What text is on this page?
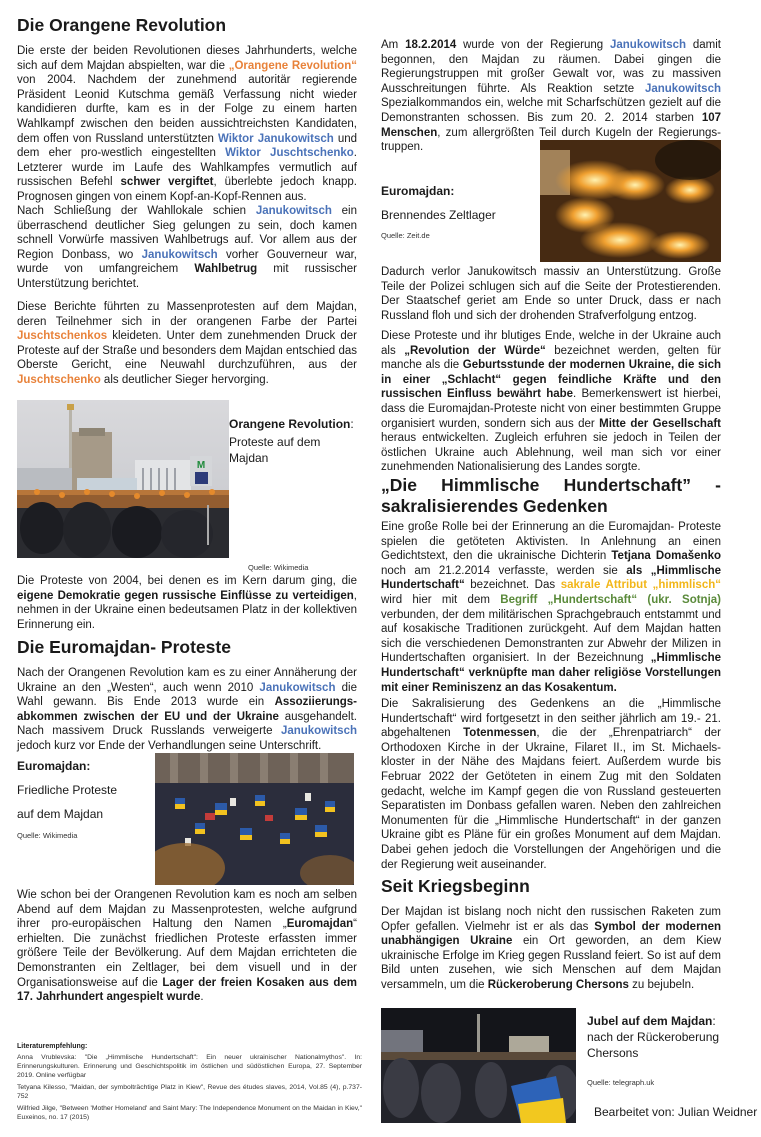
Die Orangene Revolution

Die erste der beiden Revolutionen dieses Jahrhunderts, welche sich auf dem Majdan abspielten, war die „Orangene Revolution“ von 2004. Nachdem der zunehmend autoritär regierende Präsident Leonid Kutschma gemäß Verfassung nicht wieder kandidieren durfte, kam es in der Folge zu einem harten Wahlkampf zwischen den beiden aussichtreichsten Kandidaten, dem offen von Russland unterstützten Wiktor Janukowitsch und dem eher pro-westlich eingestellten Wiktor Juschtschenko. Letzterer wurde im Laufe des Wahlkampfes vermutlich auf russischen Befehl schwer vergiftet, überlebte jedoch knapp. Prognosen gingen von einem Kopf-an-Kopf-Rennen aus.

Nach Schließung der Wahllokale schien Janukowitsch ein überraschend deutlicher Sieg gelungen zu sein, doch kamen schnell Vorwürfe massiven Wahlbetrugs auf. Vor allem aus der Region Donbass, wo Janukowitsch vorher Gouverneur war, wurde von umfangreichem Wahlbetrug mit russischer Unterstützung berichtet.

Diese Berichte führten zu Massenprotesten auf dem Majdan, deren Teilnehmer sich in der orangenen Farbe der Partei Juschtschenkos kleideten. Unter dem zunehmenden Druck der Proteste auf der Straße und besonders dem Majdan entschied das Oberste Gericht, eine Neuwahl durchzuführen, aus der Juschtschenko als deutlicher Sieger hervorging.

M
Orangene Revolution:
Proteste auf dem
Majdan
Quelle: Wikimedia

Die Proteste von 2004, bei denen es im Kern darum ging, die eigene Demokratie gegen russische Einflüsse zu verteidigen, nehmen in der Ukraine einen bedeutsamen Platz in der kollektiven Erinnerung ein.

Die Euromajdan- Proteste

Nach der Orangenen Revolution kam es zu einer Annäherung der Ukraine an den „Westen“, auch wenn 2010 Janukowitsch die Wahl gewann. Bis Ende 2013 wurde ein Assoziierungs-abkommen zwischen der EU und der Ukraine ausgehandelt. Nach massivem Druck Russlands verweigerte Janukowitsch jedoch kurz vor Ende der Verhandlungen seine Unterschrift.

Euromajdan:
Friedliche Proteste
auf dem Majdan
Quelle: Wikimedia

Wie schon bei der Orangenen Revolution kam es noch am selben Abend auf dem Majdan zu Massenprotesten, welche aufgrund ihrer pro-europäischen Haltung den Namen „Euromajdan“ erhielten. Die zunächst friedlichen Proteste erfassten immer größere Teile der Bevölkerung. Auf dem Majdan errichteten die Demonstranten ein Zeltlager, bei dem visuell und in der Organisationsweise auf die Lager der freien Kosaken aus dem 17. Jahrhundert angespielt wurde.

Literaturempfehlung:

Anna Vrublevska: "Die „Himmlische Hundertschaft": Ein neuer ukrainischer Nationalmythos". In: Erinnerungskulturen. Erinnerung und Geschichtspolitik im östlichen und südöstlichen Europa, 27. September 2019. Online verfügbar

Tetyana Kilesso, "Maidan, der symbolträchtige Platz in Kiew", Revue des études slaves, 2014, Vol.85 (4), p.737-752

Wilfried Jilge, "Between 'Mother Homeland' and Saint Mary: The Independence Monument on the Maidan in Kiev," Euxeinos, no. 17 (2015)

Am 18.2.2014 wurde von der Regierung Janukowitsch damit begonnen, den Majdan zu räumen. Dabei gingen die Regierungstruppen mit großer Gewalt vor, was zu massiven Ausschreitungen führte. Als Reaktion setzte Janukowitsch Spezialkommandos ein, welche mit Scharfschützen gezielt auf die Demonstranten schossen. Bis zum 20. 2. 2014 starben 107 Menschen, zum allergrößten Teil durch Kugeln der Regierungs-truppen.

Euromajdan:
Brennendes Zeltlager
Quelle: Zeit.de

Dadurch verlor Janukowitsch massiv an Unterstützung. Große Teile der Polizei schlugen sich auf die Seite der Protestierenden. Der Staatschef geriet am Ende so unter Druck, dass er nach Russland floh und sich der drohenden Strafverfolgung entzog.

Diese Proteste und ihr blutiges Ende, welche in der Ukraine auch als „Revolution der Würde“ bezeichnet werden, gelten für manche als die Geburtsstunde der modernen Ukraine, die sich in einer „Schlacht“ gegen feindliche Kräfte und den russischen Einfluss bewährt habe. Bemerkenswert ist hierbei, dass die Euromajdan-Proteste nicht von einer bestimmten Gruppe organisiert wurden, sondern sich aus der Mitte der Gesellschaft heraus entwickelten. Zugleich erfuhren sie jedoch in Teilen der östlichen Ukraine auch Ablehnung, weil man sich vor einer zunehmenden Nationalisierung des Landes sorgte.

„Die Himmlische Hundertschaft” - sakralisierendes Gedenken

Eine große Rolle bei der Erinnerung an die Euromajdan- Proteste spielen die getöteten Aktivisten. In Anlehnung an einen Gedichtstext, den die ukrainische Dichterin Tetjana Domašenko noch am 21.2.2014 verfasste, werden sie als „Himmlische Hundertschaft“ bezeichnet. Das sakrale Attribut „himmlisch“ wird hier mit dem Begriff „Hundertschaft“ (ukr. Sotnja) verbunden, der dem militärischen Sprachgebrauch entstammt und auf kosakische Traditionen zurückgeht. Auf dem Majdan hatten sich die verschiedenen Demonstranten zur Abwehr der Milizen in Hundertschaften organisiert. In der Bezeichnung „Himmlische Hundertschaft“ verknüpfte man daher religiöse Vorstellungen mit einer Reminiszenz an das Kosakentum.

Die Sakralisierung des Gedenkens an die „Himmlische Hundertschaft“ wird fortgesetzt in den seither jährlich am 19.- 21. abgehaltenen Totenmessen, die der „Ehrenpatriarch“ der Orthodoxen Kirche in der Ukraine, Filaret II., im St. Michaels-kloster in der Nähe des Majdans feiert. Außerdem wurde bis Februar 2022 der Getöteten in einem Zug mit den Soldaten gedacht, welche im Kampf gegen die von Russland gesteuerten Separatisten im Donbass gefallen waren. Neben den zahlreichen Monumenten für die „Himmlische Hundertschaft“ in der ganzen Ukraine gibt es Pläne für ein großes Monument auf dem Majdan. Dabei gehen jedoch die Vorstellungen der Angehörigen und die der Regierung weit auseinander.

Seit Kriegsbeginn

Der Majdan ist bislang noch nicht den russischen Raketen zum Opfer gefallen. Vielmehr ist er als das Symbol der modernen unabhängigen Ukraine ein Ort geworden, an dem Kiew ukrainische Erfolge im Krieg gegen Russland feiert. So ist auf dem Bild unten zusehen, wie sich Menschen auf dem Majdan versammeln, um die Rückeroberung Chersons zu bejubeln.

Jubel auf dem Majdan:
nach der Rückeroberung
Chersons
Quelle: telegraph.uk
Bearbeitet von: Julian Weidner
